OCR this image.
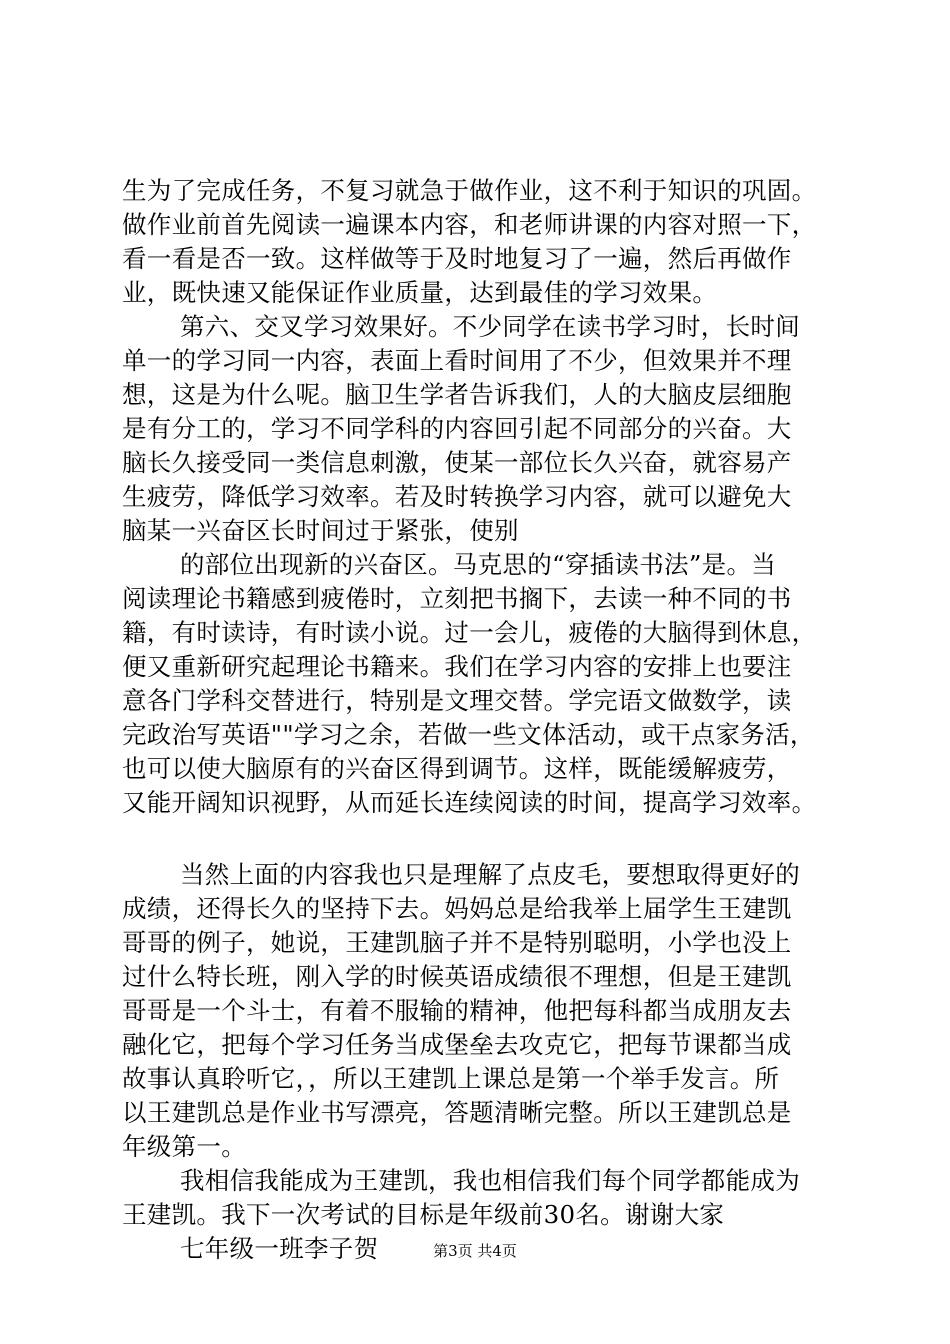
生为了完成任务，不复习就急于做作业，这不利于知识的巩固。
做作业前首先阅读一遍课本内容，和老师讲课的内容对照一下，
看一看是否一致。这样做等于及时地复习了一遍，然后再做作
业，既快速又能保证作业质量，达到最佳的学习效果。
第六、交叉学习效果好。不少同学在读书学习时，长时间
单一的学习同一内容，表面上看时间用了不少，但效果并不理
想，这是为什么呢。脑卫生学者告诉我们，人的大脑皮层细胞
是有分工的，学习不同学科的内容回引起不同部分的兴奋。大
脑长久接受同一类信息刺激，使某一部位长久兴奋，就容易产
生疲劳，降低学习效率。若及时转换学习内容，就可以避免大
脑某一兴奋区长时间过于紧张，使别
的部位出现新的兴奋区。马克思的“穿插读书法”是。当
阅读理论书籍感到疲倦时，立刻把书搁下，去读一种不同的书
籍，有时读诗，有时读小说。过一会儿，疲倦的大脑得到休息，
便又重新研究起理论书籍来。我们在学习内容的安排上也要注
意各门学科交替进行，特别是文理交替。学完语文做数学，读
完政治写英语""学习之余，若做一些文体活动，或干点家务活，
也可以使大脑原有的兴奋区得到调节。这样，既能缓解疲劳，
又能开阔知识视野，从而延长连续阅读的时间，提高学习效率。
当然上面的内容我也只是理解了点皮毛，要想取得更好的
成绩，还得长久的坚持下去。妈妈总是给我举上届学生王建凯
哥哥的例子，她说，王建凯脑子并不是特别聪明，小学也没上
过什么特长班，刚入学的时候英语成绩很不理想，但是王建凯
哥哥是一个斗士，有着不服输的精神，他把每科都当成朋友去
融化它，把每个学习任务当成堡垒去攻克它，把每节课都当成
故事认真聆听它，，所以王建凯上课总是第一个举手发言。所
以王建凯总是作业书写漂亮，答题清晰完整。所以王建凯总是
年级第一。
我相信我能成为王建凯，我也相信我们每个同学都能成为
王建凯。我下一次考试的目标是年级前30名。谢谢大家
七年级一班李子贺	第3页 共4页
